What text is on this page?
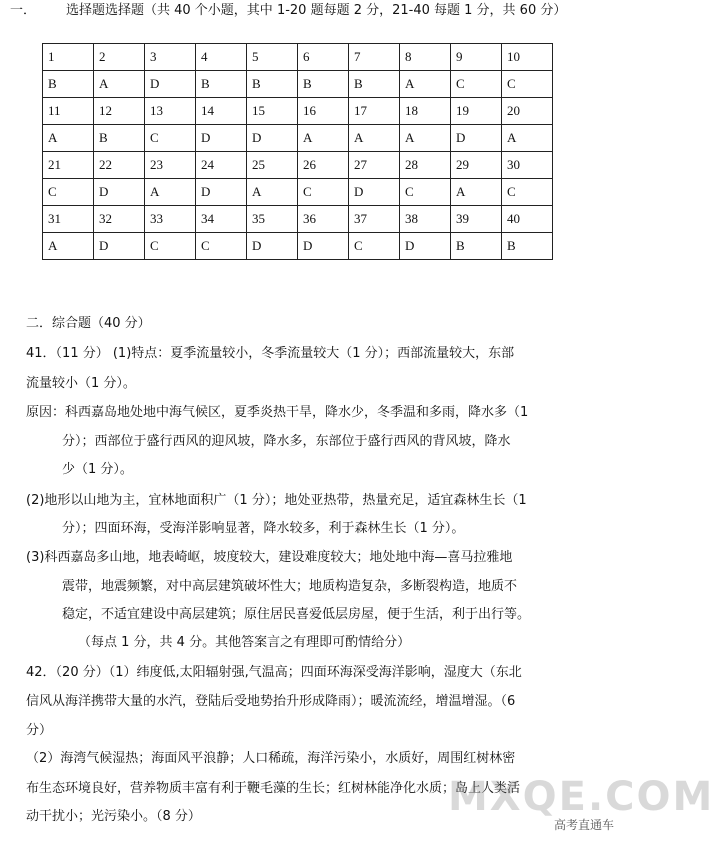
一． 选择题选择题（共 40 个小题，其中 1-20 题每题 2 分，21-40 每题 1 分，共 60 分）
1	2	3	4	5	6	7	8	9	10
B	A	D	B	B	B	B	A	C	C
11	12	13	14	15	16	17	18	19	20
A	B	C	D	D	A	A	A	D	A
21	22	23	24	25	26	27	28	29	30
C	D	A	D	A	C	D	C	A	C
31	32	33	34	35	36	37	38	39	40
A	D	C	C	D	D	C	D	B	B
二．综合题（40 分）
41．（11 分） (1)特点：夏季流量较小，冬季流量较大（1 分）；西部流量较大，东部
流量较小（1 分）。
原因：科西嘉岛地处地中海气候区，夏季炎热干旱，降水少，冬季温和多雨，降水多（1
分）；西部位于盛行西风的迎风坡，降水多，东部位于盛行西风的背风坡，降水
少（1 分）。
(2)地形以山地为主，宜林地面积广（1 分）；地处亚热带，热量充足，适宜森林生长（1
分）；四面环海，受海洋影响显著，降水较多，利于森林生长（1 分）。
(3)科西嘉岛多山地，地表崎岖，坡度较大，建设难度较大；地处地中海—喜马拉雅地
震带，地震频繁，对中高层建筑破坏性大；地质构造复杂，多断裂构造，地质不
稳定，不适宜建设中高层建筑；原住居民喜爱低层房屋，便于生活，利于出行等。
（每点 1 分，共 4 分。其他答案言之有理即可酌情给分）
42．（20 分）（1）纬度低,太阳辐射强,气温高；四面环海深受海洋影响，湿度大（东北
信风从海洋携带大量的水汽，登陆后受地势抬升形成降雨）；暖流流经，增温增湿。（6
分）
（2）海湾气候湿热；海面风平浪静；人口稀疏，海洋污染小，水质好，周围红树林密
布生态环境良好，营养物质丰富有利于鞭毛藻的生长；红树林能净化水质；岛上人类活
动干扰小；光污染小。（8 分）	MXQE.COM
高考直通车
